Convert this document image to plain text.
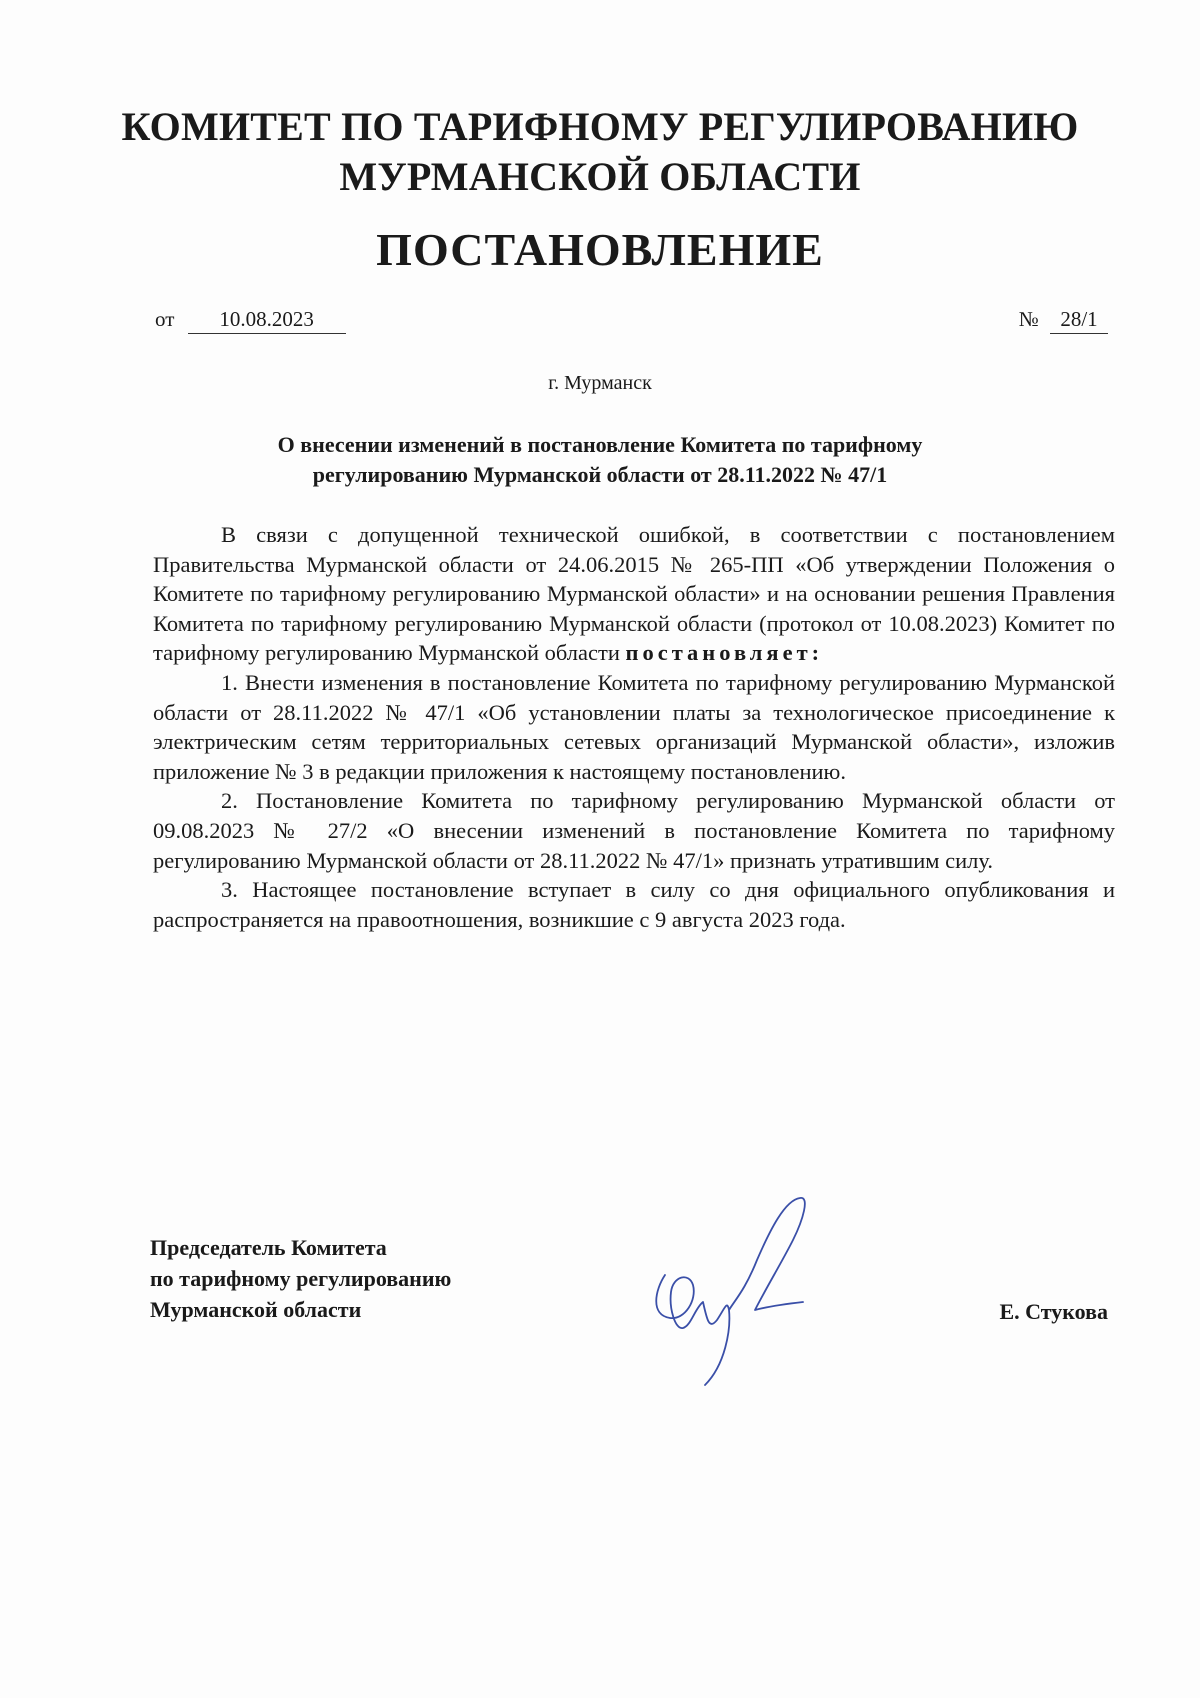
КОМИТЕТ ПО ТАРИФНОМУ РЕГУЛИРОВАНИЮ
МУРМАНСКОЙ ОБЛАСТИ
ПОСТАНОВЛЕНИЕ
от 10.08.2023	№ 28/1
г. Мурманск
О внесении изменений в постановление Комитета по тарифному
регулированию Мурманской области от 28.11.2022 № 47/1

В связи с допущенной технической ошибкой, в соответствии с постановлением Правительства Мурманской области от 24.06.2015 № 265-ПП «Об утверждении Положения о Комитете по тарифному регулированию Мурманской области» и на основании решения Правления Комитета по тарифному регулированию Мурманской области (протокол от 10.08.2023) Комитет по тарифному регулированию Мурманской области постановляет:

1. Внести изменения в постановление Комитета по тарифному регулированию Мурманской области от 28.11.2022 № 47/1 «Об установлении платы за технологическое присоединение к электрическим сетям территориальных сетевых организаций Мурманской области», изложив приложение № 3 в редакции приложения к настоящему постановлению.

2. Постановление Комитета по тарифному регулированию Мурманской области от 09.08.2023 № 27/2 «О внесении изменений в постановление Комитета по тарифному регулированию Мурманской области от 28.11.2022 № 47/1» признать утратившим силу.

3. Настоящее постановление вступает в силу со дня официального опубликования и распространяется на правоотношения, возникшие с 9 августа 2023 года.

Председатель Комитета
по тарифному регулированию
Мурманской области	Е. Стукова
